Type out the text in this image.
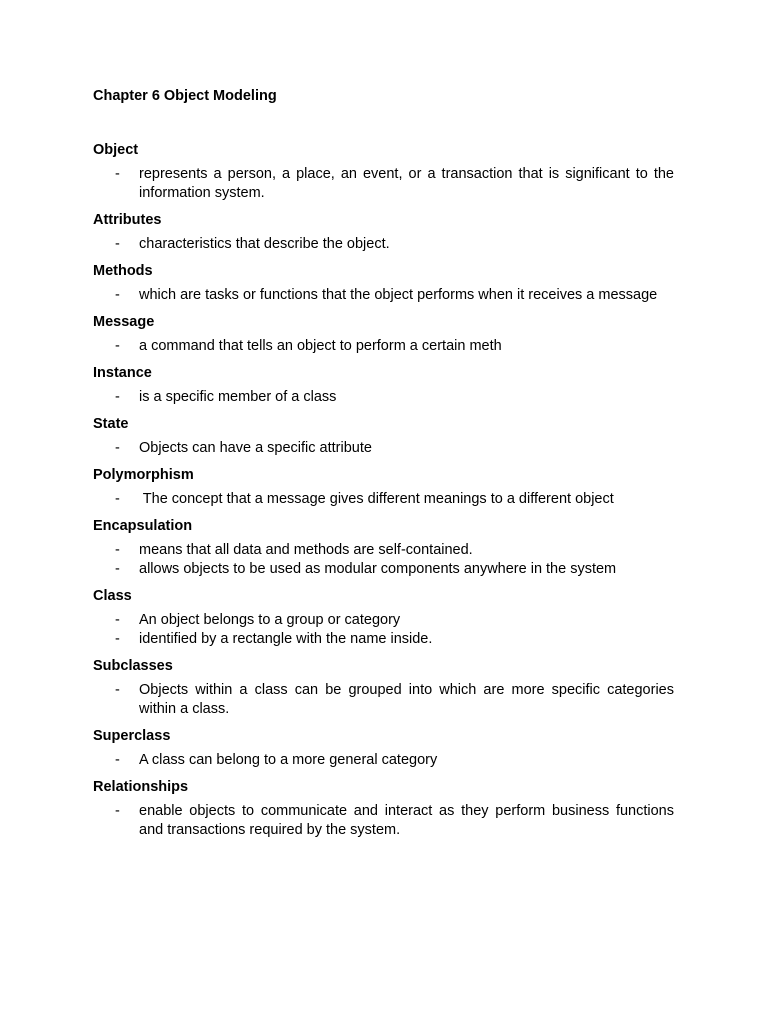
Chapter 6 Object Modeling
Object
- represents a person, a place, an event, or a transaction that is significant to the information system.
Attributes
- characteristics that describe the object.
Methods
- which are tasks or functions that the object performs when it receives a message
Message
- a command that tells an object to perform a certain meth
Instance
- is a specific member of a class
State
- Objects can have a specific attribute
Polymorphism
- The concept that a message gives different meanings to a different object
Encapsulation
- means that all data and methods are self-contained.
- allows objects to be used as modular components anywhere in the system
Class
- An object belongs to a group or category
- identified by a rectangle with the name inside.
Subclasses
- Objects within a class can be grouped into which are more specific categories within a class.
Superclass
- A class can belong to a more general category
Relationships
- enable objects to communicate and interact as they perform business functions and transactions required by the system.
